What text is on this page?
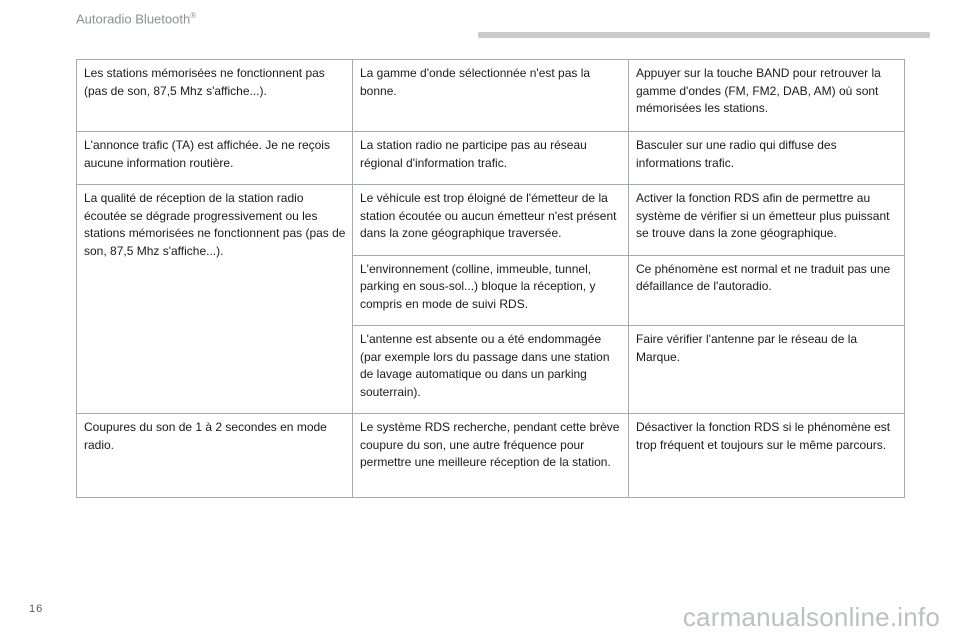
Autoradio Bluetooth®
Les stations mémorisées ne fonctionnent pas (pas de son, 87,5 Mhz s'affiche...).	La gamme d'onde sélectionnée n'est pas la bonne.	Appuyer sur la touche BAND pour retrouver la gamme d'ondes (FM, FM2, DAB, AM) où sont mémorisées les stations.
L'annonce trafic (TA) est affichée. Je ne reçois aucune information routière.	La station radio ne participe pas au réseau régional d'information trafic.	Basculer sur une radio qui diffuse des informations trafic.
La qualité de réception de la station radio écoutée se dégrade progressivement ou les stations mémorisées ne fonctionnent pas (pas de son, 87,5 Mhz s'affiche...).	Le véhicule est trop éloigné de l'émetteur de la station écoutée ou aucun émetteur n'est présent dans la zone géographique traversée.	Activer la fonction RDS afin de permettre au système de vérifier si un émetteur plus puissant se trouve dans la zone géographique.
	L'environnement (colline, immeuble, tunnel, parking en sous-sol...) bloque la réception, y compris en mode de suivi RDS.	Ce phénomène est normal et ne traduit pas une défaillance de l'autoradio.
	L'antenne est absente ou a été endommagée (par exemple lors du passage dans une station de lavage automatique ou dans un parking souterrain).	Faire vérifier l'antenne par le réseau de la Marque.
Coupures du son de 1 à 2 secondes en mode radio.	Le système RDS recherche, pendant cette brève coupure du son, une autre fréquence pour permettre une meilleure réception de la station.	Désactiver la fonction RDS si le phénomène est trop fréquent et toujours sur le même parcours.
16	carmanualsonline.info
